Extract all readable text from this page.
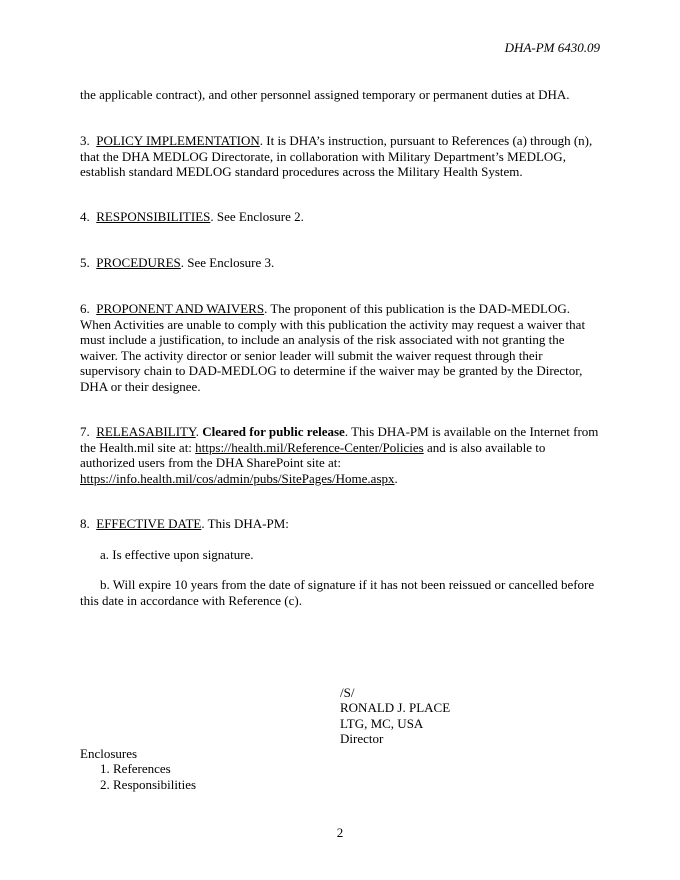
DHA-PM 6430.09
the applicable contract), and other personnel assigned temporary or permanent duties at DHA.
3. POLICY IMPLEMENTATION. It is DHA’s instruction, pursuant to References (a) through (n), that the DHA MEDLOG Directorate, in collaboration with Military Department’s MEDLOG, establish standard MEDLOG standard procedures across the Military Health System.
4. RESPONSIBILITIES. See Enclosure 2.
5. PROCEDURES. See Enclosure 3.
6. PROPONENT AND WAIVERS. The proponent of this publication is the DAD-MEDLOG. When Activities are unable to comply with this publication the activity may request a waiver that must include a justification, to include an analysis of the risk associated with not granting the waiver. The activity director or senior leader will submit the waiver request through their supervisory chain to DAD-MEDLOG to determine if the waiver may be granted by the Director, DHA or their designee.
7. RELEASABILITY. Cleared for public release. This DHA-PM is available on the Internet from the Health.mil site at: https://health.mil/Reference-Center/Policies and is also available to authorized users from the DHA SharePoint site at: https://info.health.mil/cos/admin/pubs/SitePages/Home.aspx.
8. EFFECTIVE DATE. This DHA-PM:
a. Is effective upon signature.
b. Will expire 10 years from the date of signature if it has not been reissued or cancelled before this date in accordance with Reference (c).
/S/
RONALD J. PLACE
LTG, MC, USA
Director
Enclosures
1. References
2. Responsibilities
2
